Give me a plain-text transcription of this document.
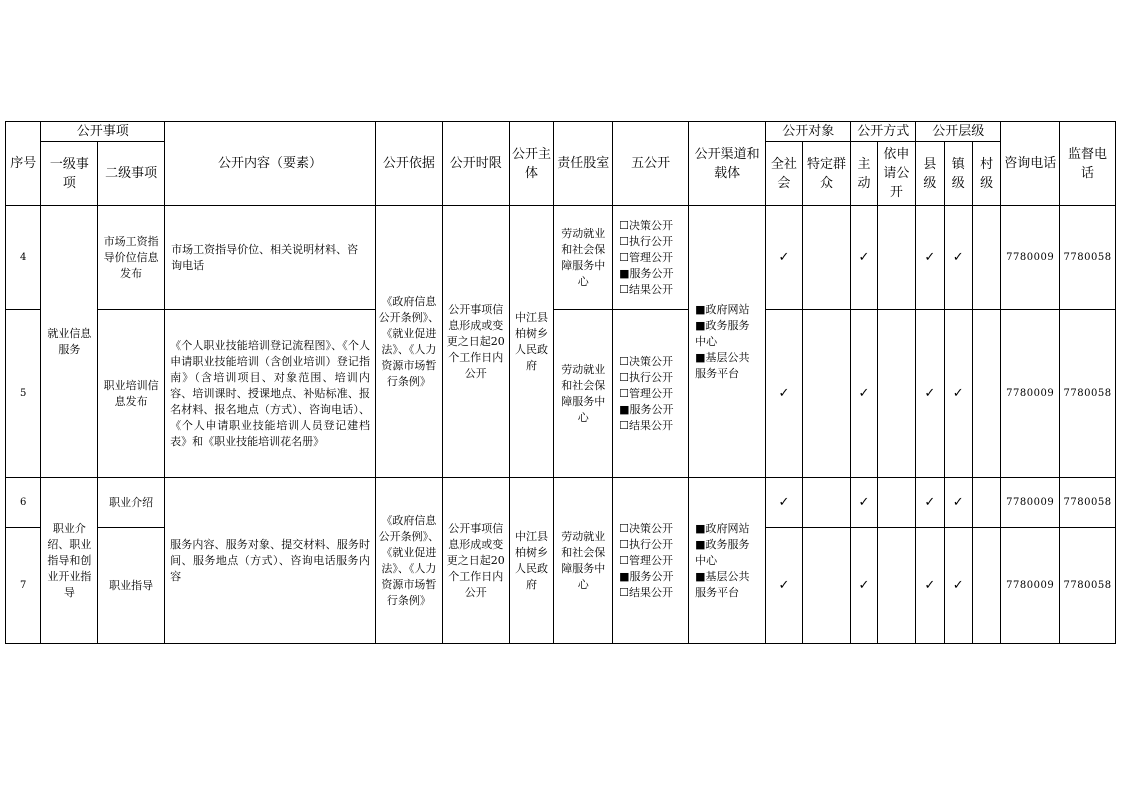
序号	公开事项		公开内容（要素）	公开依据	公开时限	公开主体	责任股室	五公开	公开渠道和载体	公开对象		公开方式		公开层级			咨询电话	监督电话
	一级事项	二级事项								全社会	特定群众	主动	依申请公开	县级	镇级	村级		
4	就业信息服务	市场工资指导价位信息发布	市场工资指导价位、相关说明材料、咨询电话	《政府信息公开条例》、《就业促进法》、《人力资源市场暂行条例》	公开事项信息形成或变更之日起20个工作日内公开	中江县柏树乡人民政府	劳动就业和社会保障服务中心	☐决策公开
☐执行公开
☐管理公开
■服务公开
☐结果公开	■政府网站
■政务服务中心
■基层公共服务平台	✓		✓		✓	✓		7780009	7780058
5		职业培训信息发布	《个人职业技能培训登记流程图》、《个人申请职业技能培训（含创业培训）登记指南》（含培训项目、对象范围、培训内容、培训课时、授课地点、补贴标准、报名材料、报名地点（方式）、咨询电话）、《个人申请职业技能培训人员登记建档表》和《职业技能培训花名册》				劳动就业和社会保障服务中心	☐决策公开
☐执行公开
☐管理公开
■服务公开
☐结果公开		✓		✓		✓	✓		7780009	7780058
6	职业介绍、职业指导和创业开业指导	职业介绍	服务内容、服务对象、提交材料、服务时间、服务地点（方式）、咨询电话服务内容	《政府信息公开条例》、《就业促进法》、《人力资源市场暂行条例》	公开事项信息形成或变更之日起20个工作日内公开	中江县柏树乡人民政府	劳动就业和社会保障服务中心	☐决策公开
☐执行公开
☐管理公开
■服务公开
☐结果公开	■政府网站
■政务服务中心
■基层公共服务平台	✓		✓		✓	✓		7780009	7780058
7		职业指导								✓		✓		✓	✓		7780009	7780058
